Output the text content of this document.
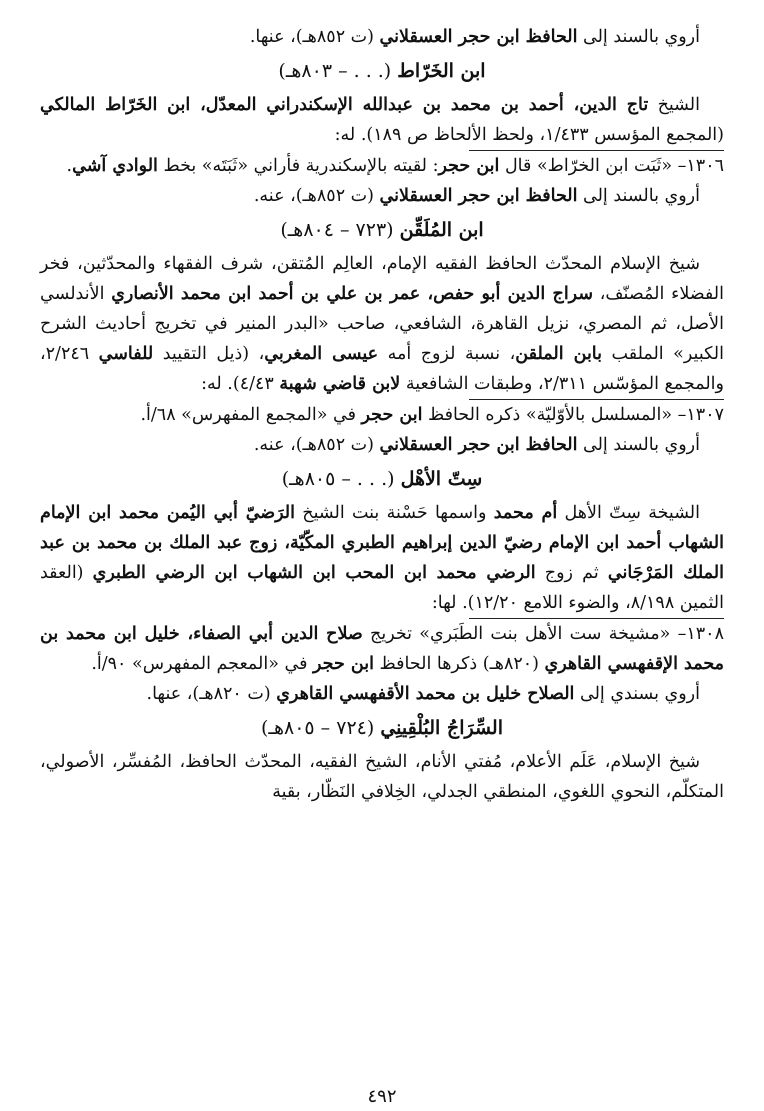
أروي بالسند إلى الحافظ ابن حجر العسقلاني (ت ٨٥٢هـ)، عنها.

ابن الخَرّاط (. . . – ٨٠٣هـ)

الشيخ تاج الدين، أحمد بن محمد بن عبدالله الإسكندراني المعدّل، ابن الخَرّاط المالكي (المجمع المؤسس ١/٤٣٣، ولحظ الألحاظ ص ١٨٩). له:

١٣٠٦– «ثَبَت ابن الخرّاط» قال ابن حجر: لقيته بالإسكندرية فأراني «ثَبَتَه» بخط الوادي آشي.

أروي بالسند إلى الحافظ ابن حجر العسقلاني (ت ٨٥٢هـ)، عنه.

ابن المُلَقِّن (٧٢٣ – ٨٠٤هـ)

شيخ الإسلام المحدّث الحافظ الفقيه الإمام، العالِم المُتقن، شرف الفقهاء والمحدّثين، فخر الفضلاء المُصنّف، سراج الدين أبو حفص، عمر بن علي بن أحمد ابن محمد الأنصاري الأندلسي الأصل، ثم المصري، نزيل القاهرة، الشافعي، صاحب «البدر المنير في تخريج أحاديث الشرح الكبير» الملقب بابن الملقن، نسبة لزوج أمه عيسى المغربي، (ذيل التقييد للفاسي ٢/٢٤٦، والمجمع المؤسّس ٢/٣١١، وطبقات الشافعية لابن قاضي شهبة ٤/٤٣). له:

١٣٠٧– «المسلسل بالأوّليّة» ذكره الحافظ ابن حجر في «المجمع المفهرس» ٦٨/أ.

أروي بالسند إلى الحافظ ابن حجر العسقلاني (ت ٨٥٢هـ)، عنه.

سِتّ الأهْل (. . . – ٨٠٥هـ)

الشيخة سِتّ الأهل أم محمد واسمها حَسْنة بنت الشيخ الرَضيّ أبي اليُمن محمد ابن الإمام الشهاب أحمد ابن الإمام رضيّ الدين إبراهيم الطبري المكّيّة، زوج عبد الملك بن محمد بن عبد الملك المَرْجَاني ثم زوج الرضي محمد ابن المحب ابن الشهاب ابن الرضي الطبري (العقد الثمين ٨/١٩٨، والضوء اللامع ١٢/٢٠). لها:

١٣٠٨– «مشيخة ست الأهل بنت الطَبَري» تخريج صلاح الدين أبي الصفاء، خليل ابن محمد بن محمد الإقفهسي القاهري (٨٢٠هـ) ذكرها الحافظ ابن حجر في «المعجم المفهرس» ٩٠/أ.

أروي بسندي إلى الصلاح خليل بن محمد الأقفهسي القاهري (ت ٨٢٠هـ)، عنها.

السِّرَاجُ البُلْقِينِي (٧٢٤ – ٨٠٥هـ)

شيخ الإسلام، عَلَم الأعلام، مُفتي الأنام، الشيخ الفقيه، المحدّث الحافظ، المُفسِّر، الأصولي، المتكلّم، النحوي اللغوي، المنطقي الجدلي، الخِلافي النَظّار، بقية

٤٩٢
